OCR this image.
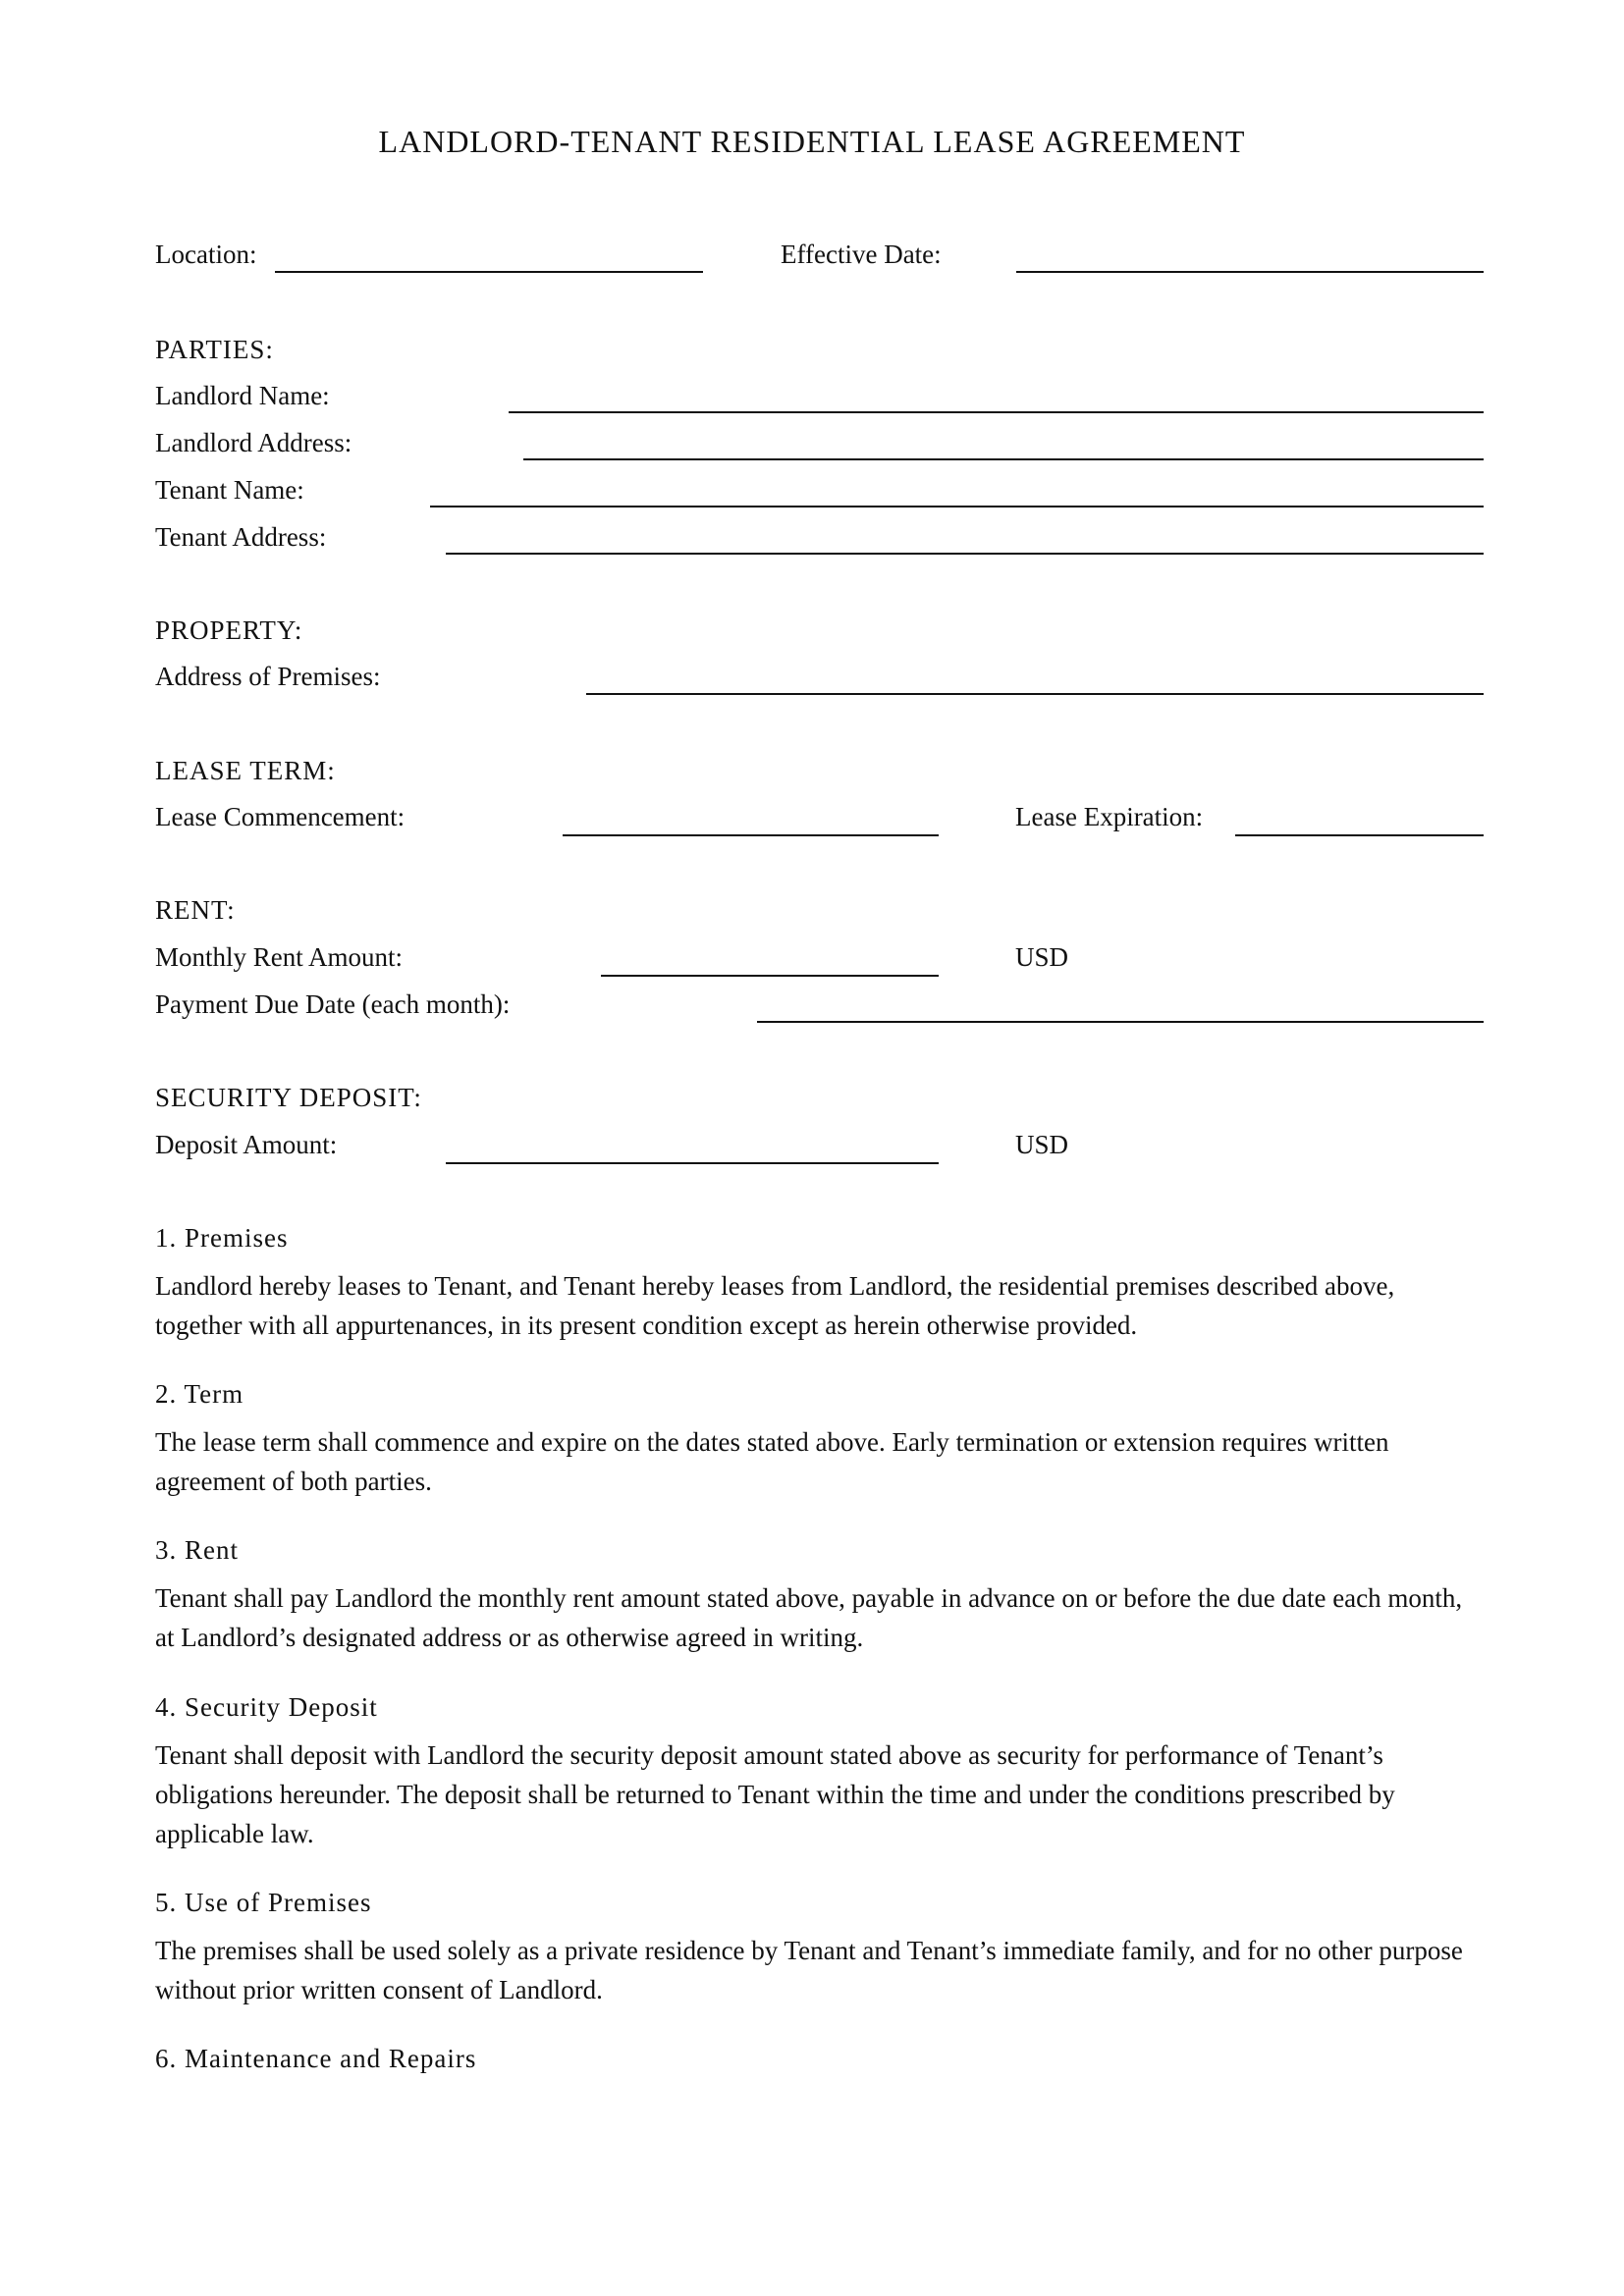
LANDLORD-TENANT RESIDENTIAL LEASE AGREEMENT
Location:	Effective Date:
PARTIES:
Landlord Name:
Landlord Address:
Tenant Name:
Tenant Address:
PROPERTY:
Address of Premises:
LEASE TERM:
Lease Commencement:	Lease Expiration:
RENT:
Monthly Rent Amount:	USD
Payment Due Date (each month):
SECURITY DEPOSIT:
Deposit Amount:	USD
1. Premises
Landlord hereby leases to Tenant, and Tenant hereby leases from Landlord, the residential premises described above, together with all appurtenances, in its present condition except as herein otherwise provided.
2. Term
The lease term shall commence and expire on the dates stated above. Early termination or extension requires written agreement of both parties.
3. Rent
Tenant shall pay Landlord the monthly rent amount stated above, payable in advance on or before the due date each month, at Landlord’s designated address or as otherwise agreed in writing.
4. Security Deposit
Tenant shall deposit with Landlord the security deposit amount stated above as security for performance of Tenant’s obligations hereunder. The deposit shall be returned to Tenant within the time and under the conditions prescribed by applicable law.
5. Use of Premises
The premises shall be used solely as a private residence by Tenant and Tenant’s immediate family, and for no other purpose without prior written consent of Landlord.
6. Maintenance and Repairs
